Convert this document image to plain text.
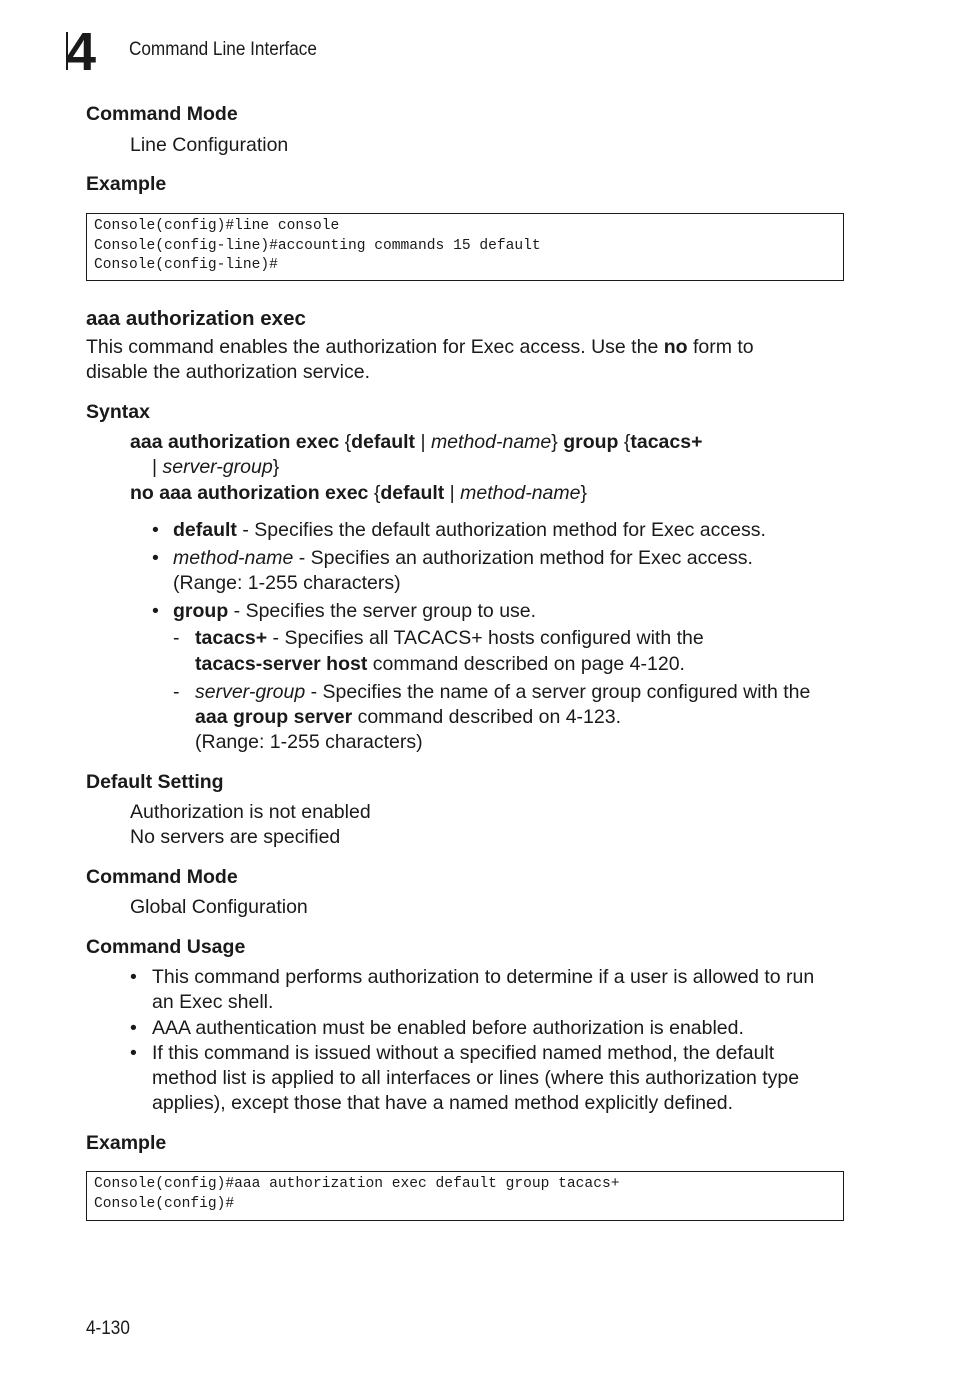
4 Command Line Interface
Command Mode
Line Configuration
Example
Console(config)#line console
Console(config-line)#accounting commands 15 default
Console(config-line)#
aaa authorization exec
This command enables the authorization for Exec access. Use the no form to
disable the authorization service.
Syntax
aaa authorization exec {default | method-name} group {tacacs+
| server-group}
no aaa authorization exec {default | method-name}
• default - Specifies the default authorization method for Exec access.
• method-name - Specifies an authorization method for Exec access.
(Range: 1-255 characters)
• group - Specifies the server group to use.
- tacacs+ - Specifies all TACACS+ hosts configured with the
tacacs-server host command described on page 4-120.
- server-group - Specifies the name of a server group configured with the
aaa group server command described on 4-123.
(Range: 1-255 characters)
Default Setting
Authorization is not enabled
No servers are specified
Command Mode
Global Configuration
Command Usage
• This command performs authorization to determine if a user is allowed to run
an Exec shell.
• AAA authentication must be enabled before authorization is enabled.
• If this command is issued without a specified named method, the default
method list is applied to all interfaces or lines (where this authorization type
applies), except those that have a named method explicitly defined.
Example
Console(config)#aaa authorization exec default group tacacs+
Console(config)#
4-130
